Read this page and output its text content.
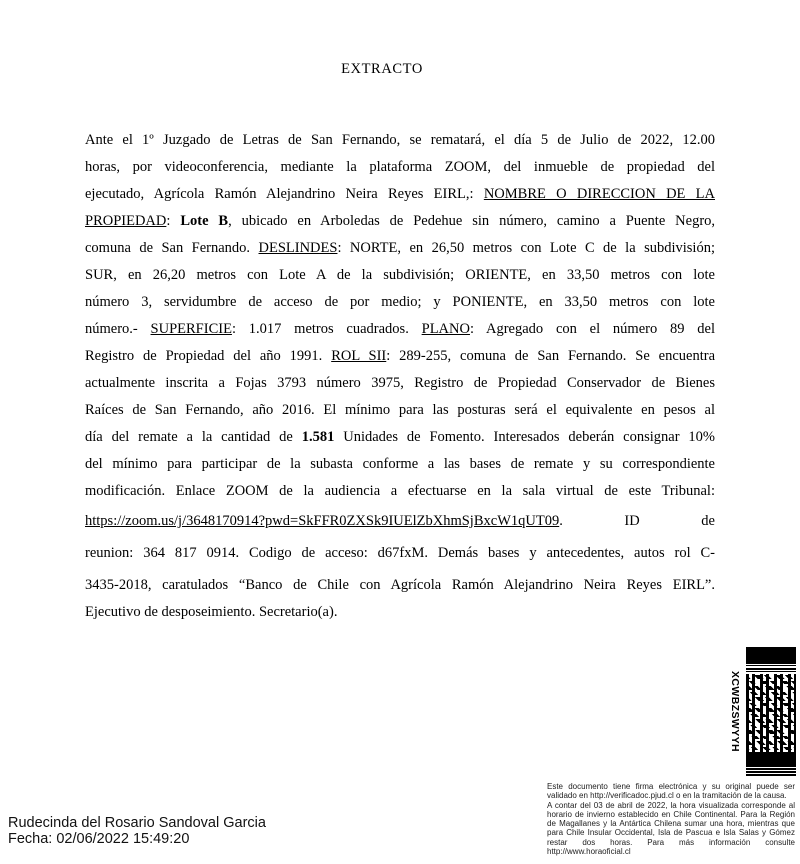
EXTRACTO
Ante el 1º Juzgado de Letras de San Fernando, se rematará, el día 5 de Julio de 2022, 12.00
horas, por videoconferencia, mediante la plataforma ZOOM, del inmueble de propiedad del
ejecutado, Agrícola Ramón Alejandrino Neira Reyes EIRL,: NOMBRE O DIRECCION DE LA
PROPIEDAD: Lote B, ubicado en Arboledas de Pedehue sin número, camino a Puente Negro,
comuna de San Fernando. DESLINDES: NORTE, en 26,50 metros con Lote C de la subdivisión;
SUR, en 26,20 metros con Lote A de la subdivisión; ORIENTE, en 33,50 metros con lote
número 3, servidumbre de acceso de por medio; y PONIENTE, en 33,50 metros con lote
número.- SUPERFICIE: 1.017 metros cuadrados. PLANO: Agregado con el número 89 del
Registro de Propiedad del año 1991. ROL SII: 289-255, comuna de San Fernando. Se encuentra
actualmente inscrita a Fojas 3793 número 3975, Registro de Propiedad Conservador de Bienes
Raíces de San Fernando, año 2016. El mínimo para las posturas será el equivalente en pesos al
día del remate a la cantidad de 1.581 Unidades de Fomento. Interesados deberán consignar 10%
del mínimo para participar de la subasta conforme a las bases de remate y su correspondiente
modificación. Enlace ZOOM de la audiencia a efectuarse en la sala virtual de este Tribunal:
https://zoom.us/j/3648170914?pwd=SkFFR0ZXSk9IUElZbXhmSjBxcW1qUT09. ID de
reunion: 364 817 0914. Codigo de acceso: d67fxM. Demás bases y antecedentes, autos rol C-
3435-2018, caratulados “Banco de Chile con Agrícola Ramón Alejandrino Neira Reyes EIRL”.
Ejecutivo de desposeimiento. Secretario(a).
Rudecinda del Rosario Sandoval Garcia
Fecha: 02/06/2022 15:49:20
XCWBZSWYYH

Este documento tiene firma electrónica y su original puede ser validado en http://verificadoc.pjud.cl o en la tramitación de la causa.

A contar del 03 de abril de 2022, la hora visualizada corresponde al horario de invierno establecido en Chile Continental. Para la Región de Magallanes y la Antártica Chilena sumar una hora, mientras que para Chile Insular Occidental, Isla de Pascua e Isla Salas y Gómez restar dos horas. Para más información consulte http://www.horaoficial.cl
